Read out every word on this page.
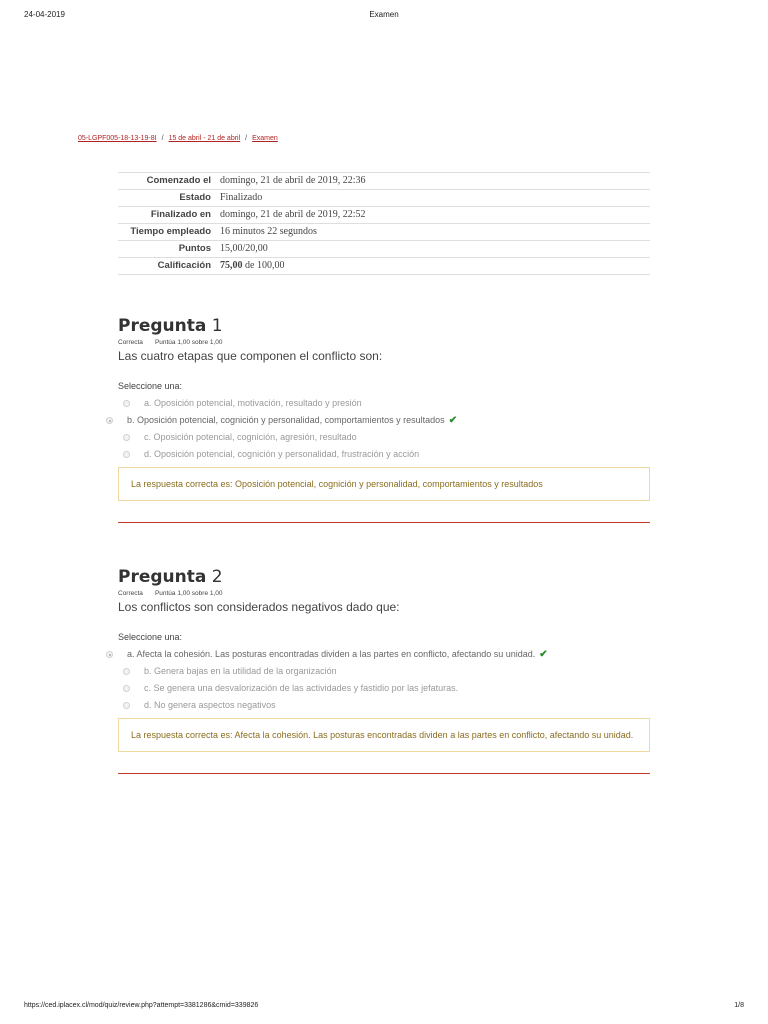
24-04-2019	Examen
05-LGPF005-18-13-19-8I / 15 de abril - 21 de abril / Examen
Comenzado el	domingo, 21 de abril de 2019, 22:36
Estado	Finalizado
Finalizado en	domingo, 21 de abril de 2019, 22:52
Tiempo empleado	16 minutos 22 segundos
Puntos	15,00/20,00
Calificación	75,00 de 100,00
Pregunta 1
Correcta Puntúa 1,00 sobre 1,00
Las cuatro etapas que componen el conflicto son:
Seleccione una:
a. Oposición potencial, motivación, resultado y presión
b. Oposición potencial, cognición y personalidad, comportamientos y resultados ✔
c. Oposición potencial, cognición, agresión, resultado
d. Oposición potencial, cognición y personalidad, frustración y acción
La respuesta correcta es: Oposición potencial, cognición y personalidad, comportamientos y resultados
Pregunta 2
Correcta Puntúa 1,00 sobre 1,00
Los conflictos son considerados negativos dado que:
Seleccione una:
a. Afecta la cohesión. Las posturas encontradas dividen a las partes en conflicto, afectando su unidad. ✔
b. Genera bajas en la utilidad de la organización
c. Se genera una desvalorización de las actividades y fastidio por las jefaturas.
d. No genera aspectos negativos
La respuesta correcta es: Afecta la cohesión. Las posturas encontradas dividen a las partes en conflicto, afectando su unidad.
https://ced.iplacex.cl/mod/quiz/review.php?attempt=3381286&cmid=339826	1/8
